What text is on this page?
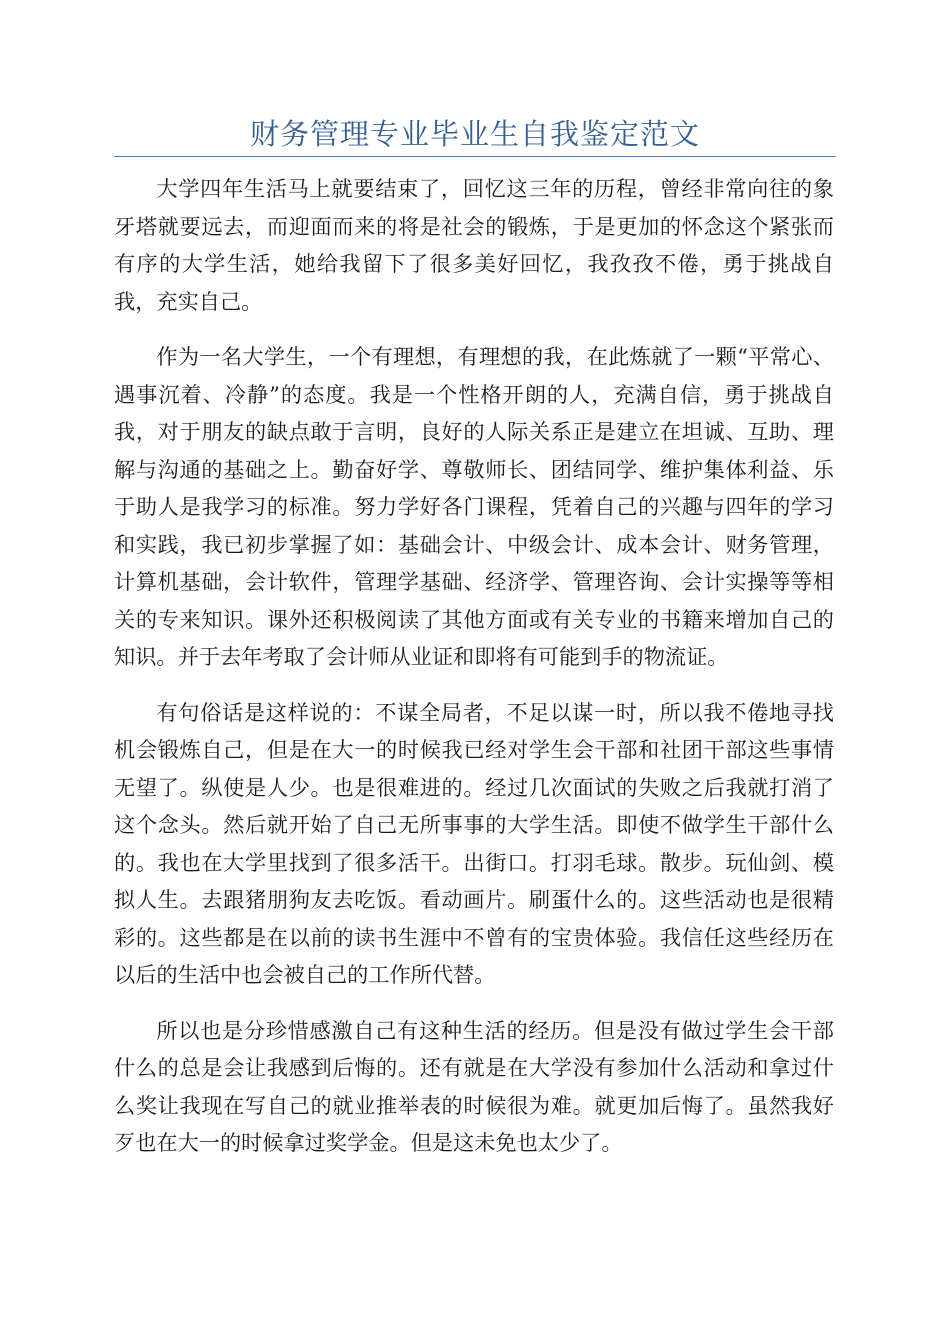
财务管理专业毕业生自我鉴定范文

大学四年生活马上就要结束了，回忆这三年的历程，曾经非常向往的象牙塔就要远去，而迎面而来的将是社会的锻炼，于是更加的怀念这个紧张而有序的大学生活，她给我留下了很多美好回忆，我孜孜不倦，勇于挑战自我，充实自己。

作为一名大学生，一个有理想，有理想的我，在此炼就了一颗“平常心、遇事沉着、冷静”的态度。我是一个性格开朗的人，充满自信，勇于挑战自我，对于朋友的缺点敢于言明，良好的人际关系正是建立在坦诚、互助、理解与沟通的基础之上。勤奋好学、尊敬师长、团结同学、维护集体利益、乐于助人是我学习的标准。努力学好各门课程，凭着自己的兴趣与四年的学习和实践，我已初步掌握了如：基础会计、中级会计、成本会计、财务管理，计算机基础，会计软件，管理学基础、经济学、管理咨询、会计实操等等相关的专来知识。课外还积极阅读了其他方面或有关专业的书籍来增加自己的知识。并于去年考取了会计师从业证和即将有可能到手的物流证。

有句俗话是这样说的：不谋全局者，不足以谋一时，所以我不倦地寻找机会锻炼自己，但是在大一的时候我已经对学生会干部和社团干部这些事情无望了。纵使是人少。也是很难进的。经过几次面试的失败之后我就打消了这个念头。然后就开始了自己无所事事的大学生活。即使不做学生干部什么的。我也在大学里找到了很多活干。出街口。打羽毛球。散步。玩仙剑、模拟人生。去跟猪朋狗友去吃饭。看动画片。刷蛋什么的。这些活动也是很精彩的。这些都是在以前的读书生涯中不曾有的宝贵体验。我信任这些经历在以后的生活中也会被自己的工作所代替。

所以也是分珍惜感激自己有这种生活的经历。但是没有做过学生会干部什么的总是会让我感到后悔的。还有就是在大学没有参加什么活动和拿过什么奖让我现在写自己的就业推举表的时候很为难。就更加后悔了。虽然我好歹也在大一的时候拿过奖学金。但是这未免也太少了。
